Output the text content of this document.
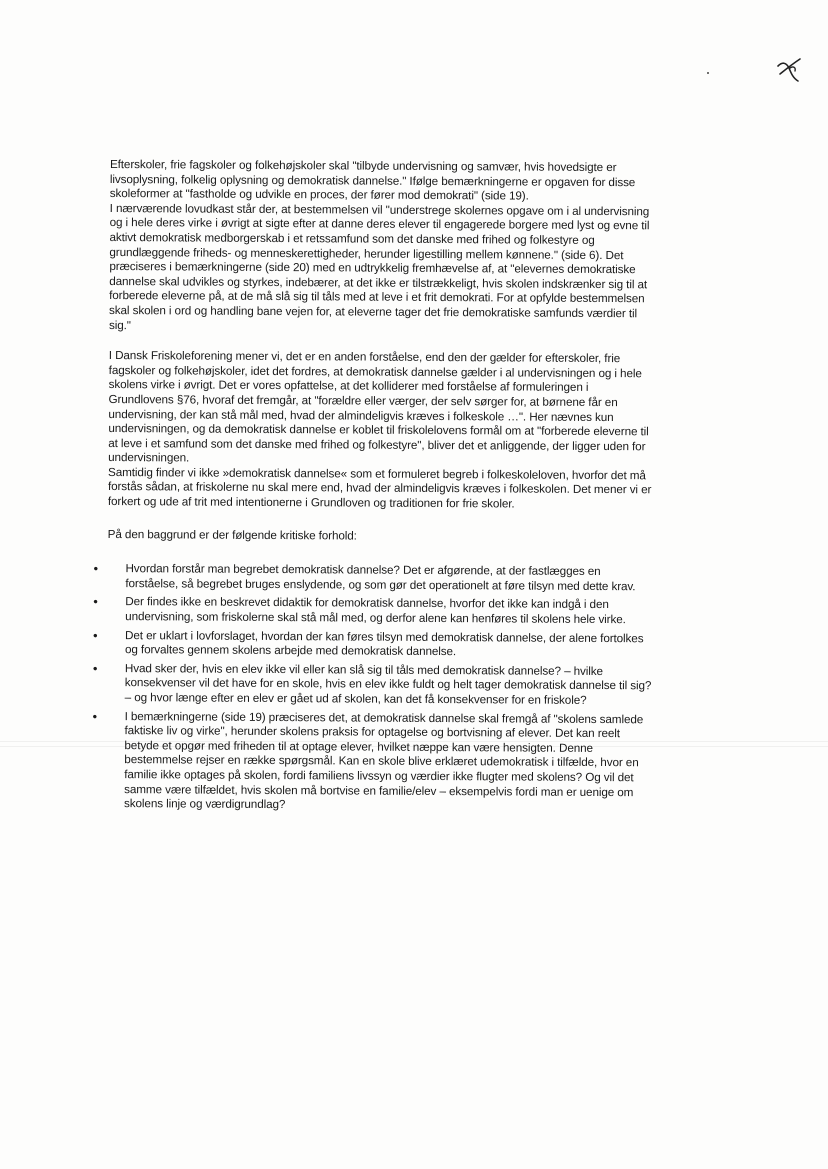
Efterskoler, frie fagskoler og folkehøjskoler skal "tilbyde undervisning og samvær, hvis hovedsigte er livsoplysning, folkelig oplysning og demokratisk dannelse." Ifølge bemærkningerne er opgaven for disse skoleformer at "fastholde og udvikle en proces, der fører mod demokrati" (side 19).

I nærværende lovudkast står der, at bestemmelsen vil "understrege skolernes opgave om i al undervisning og i hele deres virke i øvrigt at sigte efter at danne deres elever til engagerede borgere med lyst og evne til aktivt demokratisk medborgerskab i et retssamfund som det danske med frihed og folkestyre og grundlæggende friheds- og menneskerettigheder, herunder ligestilling mellem kønnene." (side 6). Det præciseres i bemærkningerne (side 20) med en udtrykkelig fremhævelse af, at "elevernes demokratiske dannelse skal udvikles og styrkes, indebærer, at det ikke er tilstrækkeligt, hvis skolen indskrænker sig til at forberede eleverne på, at de må slå sig til tåls med at leve i et frit demokrati. For at opfylde bestemmelsen skal skolen i ord og handling bane vejen for, at eleverne tager det frie demokratiske samfunds værdier til sig."

I Dansk Friskoleforening mener vi, det er en anden forståelse, end den der gælder for efterskoler, frie fagskoler og folkehøjskoler, idet det fordres, at demokratisk dannelse gælder i al undervisningen og i hele skolens virke i øvrigt. Det er vores opfattelse, at det kolliderer med forståelse af formuleringen i Grundlovens §76, hvoraf det fremgår, at "forældre eller værger, der selv sørger for, at børnene får en undervisning, der kan stå mål med, hvad der almindeligvis kræves i folkeskole …". Her nævnes kun undervisningen, og da demokratisk dannelse er koblet til friskolelovens formål om at "forberede eleverne til at leve i et samfund som det danske med frihed og folkestyre", bliver det et anliggende, der ligger uden for undervisningen.

Samtidig finder vi ikke »demokratisk dannelse« som et formuleret begreb i folkeskoleloven, hvorfor det må forstås sådan, at friskolerne nu skal mere end, hvad der almindeligvis kræves i folkeskolen. Det mener vi er forkert og ude af trit med intentionerne i Grundloven og traditionen for frie skoler.

På den baggrund er der følgende kritiske forhold:

• Hvordan forstår man begrebet demokratisk dannelse? Det er afgørende, at der fastlægges en forståelse, så begrebet bruges enslydende, og som gør det operationelt at føre tilsyn med dette krav.
• Der findes ikke en beskrevet didaktik for demokratisk dannelse, hvorfor det ikke kan indgå i den undervisning, som friskolerne skal stå mål med, og derfor alene kan henføres til skolens hele virke.
• Det er uklart i lovforslaget, hvordan der kan føres tilsyn med demokratisk dannelse, der alene fortolkes og forvaltes gennem skolens arbejde med demokratisk dannelse.
• Hvad sker der, hvis en elev ikke vil eller kan slå sig til tåls med demokratisk dannelse? – hvilke konsekvenser vil det have for en skole, hvis en elev ikke fuldt og helt tager demokratisk dannelse til sig? – og hvor længe efter en elev er gået ud af skolen, kan det få konsekvenser for en friskole?
• I bemærkningerne (side 19) præciseres det, at demokratisk dannelse skal fremgå af "skolens samlede faktiske liv og virke", herunder skolens praksis for optagelse og bortvisning af elever. Det kan reelt betyde et opgør med friheden til at optage elever, hvilket næppe kan være hensigten. Denne bestemmelse rejser en række spørgsmål. Kan en skole blive erklæret udemokratisk i tilfælde, hvor en familie ikke optages på skolen, fordi familiens livssyn og værdier ikke flugter med skolens? Og vil det samme være tilfældet, hvis skolen må bortvise en familie/elev – eksempelvis fordi man er uenige om skolens linje og værdigrundlag?
